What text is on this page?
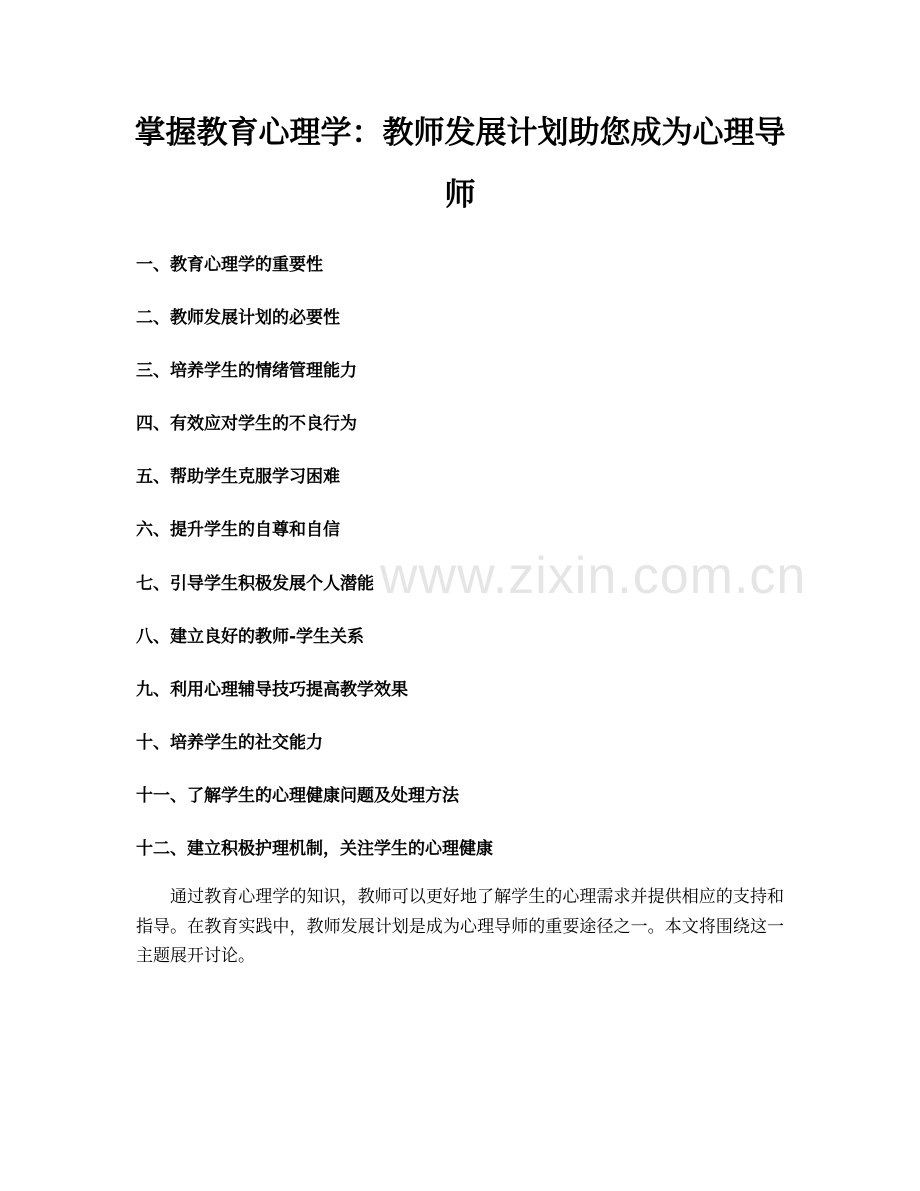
掌握教育心理学：教师发展计划助您成为心理导师
一、教育心理学的重要性
二、教师发展计划的必要性
三、培养学生的情绪管理能力
四、有效应对学生的不良行为
五、帮助学生克服学习困难
六、提升学生的自尊和自信
七、引导学生积极发展个人潜能
八、建立良好的教师-学生关系
九、利用心理辅导技巧提高教学效果
十、培养学生的社交能力
十一、了解学生的心理健康问题及处理方法
十二、建立积极护理机制，关注学生的心理健康

通过教育心理学的知识，教师可以更好地了解学生的心理需求并提供相应的支持和指导。在教育实践中，教师发展计划是成为心理导师的重要途径之一。本文将围绕这一主题展开讨论。

www.zixin.com.cn
